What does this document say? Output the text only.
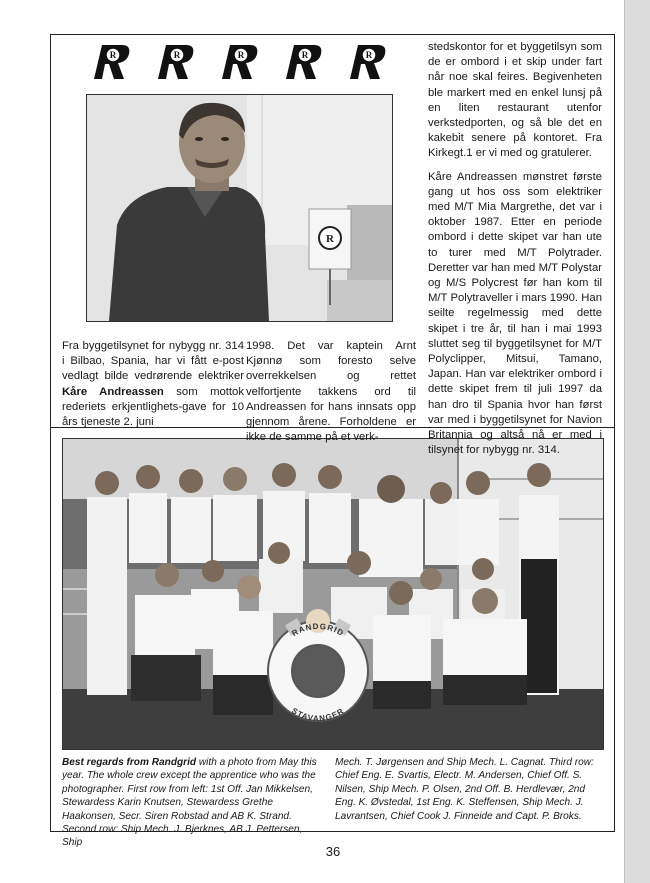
R	R	R	R	R
R
RANDGRID
STAVANGER

Fra byggetilsynet for nybygg nr. 314 i Bilbao, Spania, har vi fått e-post vedlagt bilde vedrørende elektriker Kåre Andreassen som mottok rederiets erkjentlighets-gave for 10 års tjeneste 2. juni

1998. Det var kaptein Arnt Kjønnø som foresto selve overrekkelsen og rettet velfortjente takkens ord til Andreassen for hans innsats opp gjennom årene. Forholdene er ikke de samme på et verk-

stedskontor for et byggetilsyn som de er ombord i et skip under fart når noe skal feires. Begivenheten ble markert med en enkel lunsj på en liten restaurant utenfor verkstedporten, og så ble det en kakebit senere på kontoret. Fra Kirkegt.1 er vi med og gratulerer.

Kåre Andreassen mønstret første gang ut hos oss som elektriker med M/T Mia Margrethe, det var i oktober 1987. Etter en periode ombord i dette skipet var han ute to turer med M/T Polytrader. Deretter var han med M/T Polystar og M/S Polycrest før han kom til M/T Polytraveller i mars 1990. Han seilte regelmessig med dette skipet i tre år, til han i mai 1993 sluttet seg til byggetilsynet for M/T Polyclipper, Mitsui, Tamano, Japan. Han var elektriker ombord i dette skipet frem til juli 1997 da han dro til Spania hvor han først var med i byggetilsynet for Navion Britannia og altså nå er med i tilsynet for nybygg nr. 314.

Best regards from Randgrid with a photo from May this year. The whole crew except the apprentice who was the photographer. First row from left: 1st Off. Jan Mikkelsen, Stewardess Karin Knutsen, Stewardess Grethe Haakonsen, Secr. Siren Robstad and AB K. Strand. Second row: Ship Mech. J. Bjerknes, AB J. Pettersen, Ship
Mech. T. Jørgensen and Ship Mech. L. Cagnat. Third row: Chief Eng. E. Svartis, Electr. M. Andersen, Chief Off. S. Nilsen, Ship Mech. P. Olsen, 2nd Off. B. Herdlevær, 2nd Eng. K. Øvstedal, 1st Eng. K. Steffensen, Ship Mech. J. Lavrantsen, Chief Cook J. Finneide and Capt. P. Broks.
36
